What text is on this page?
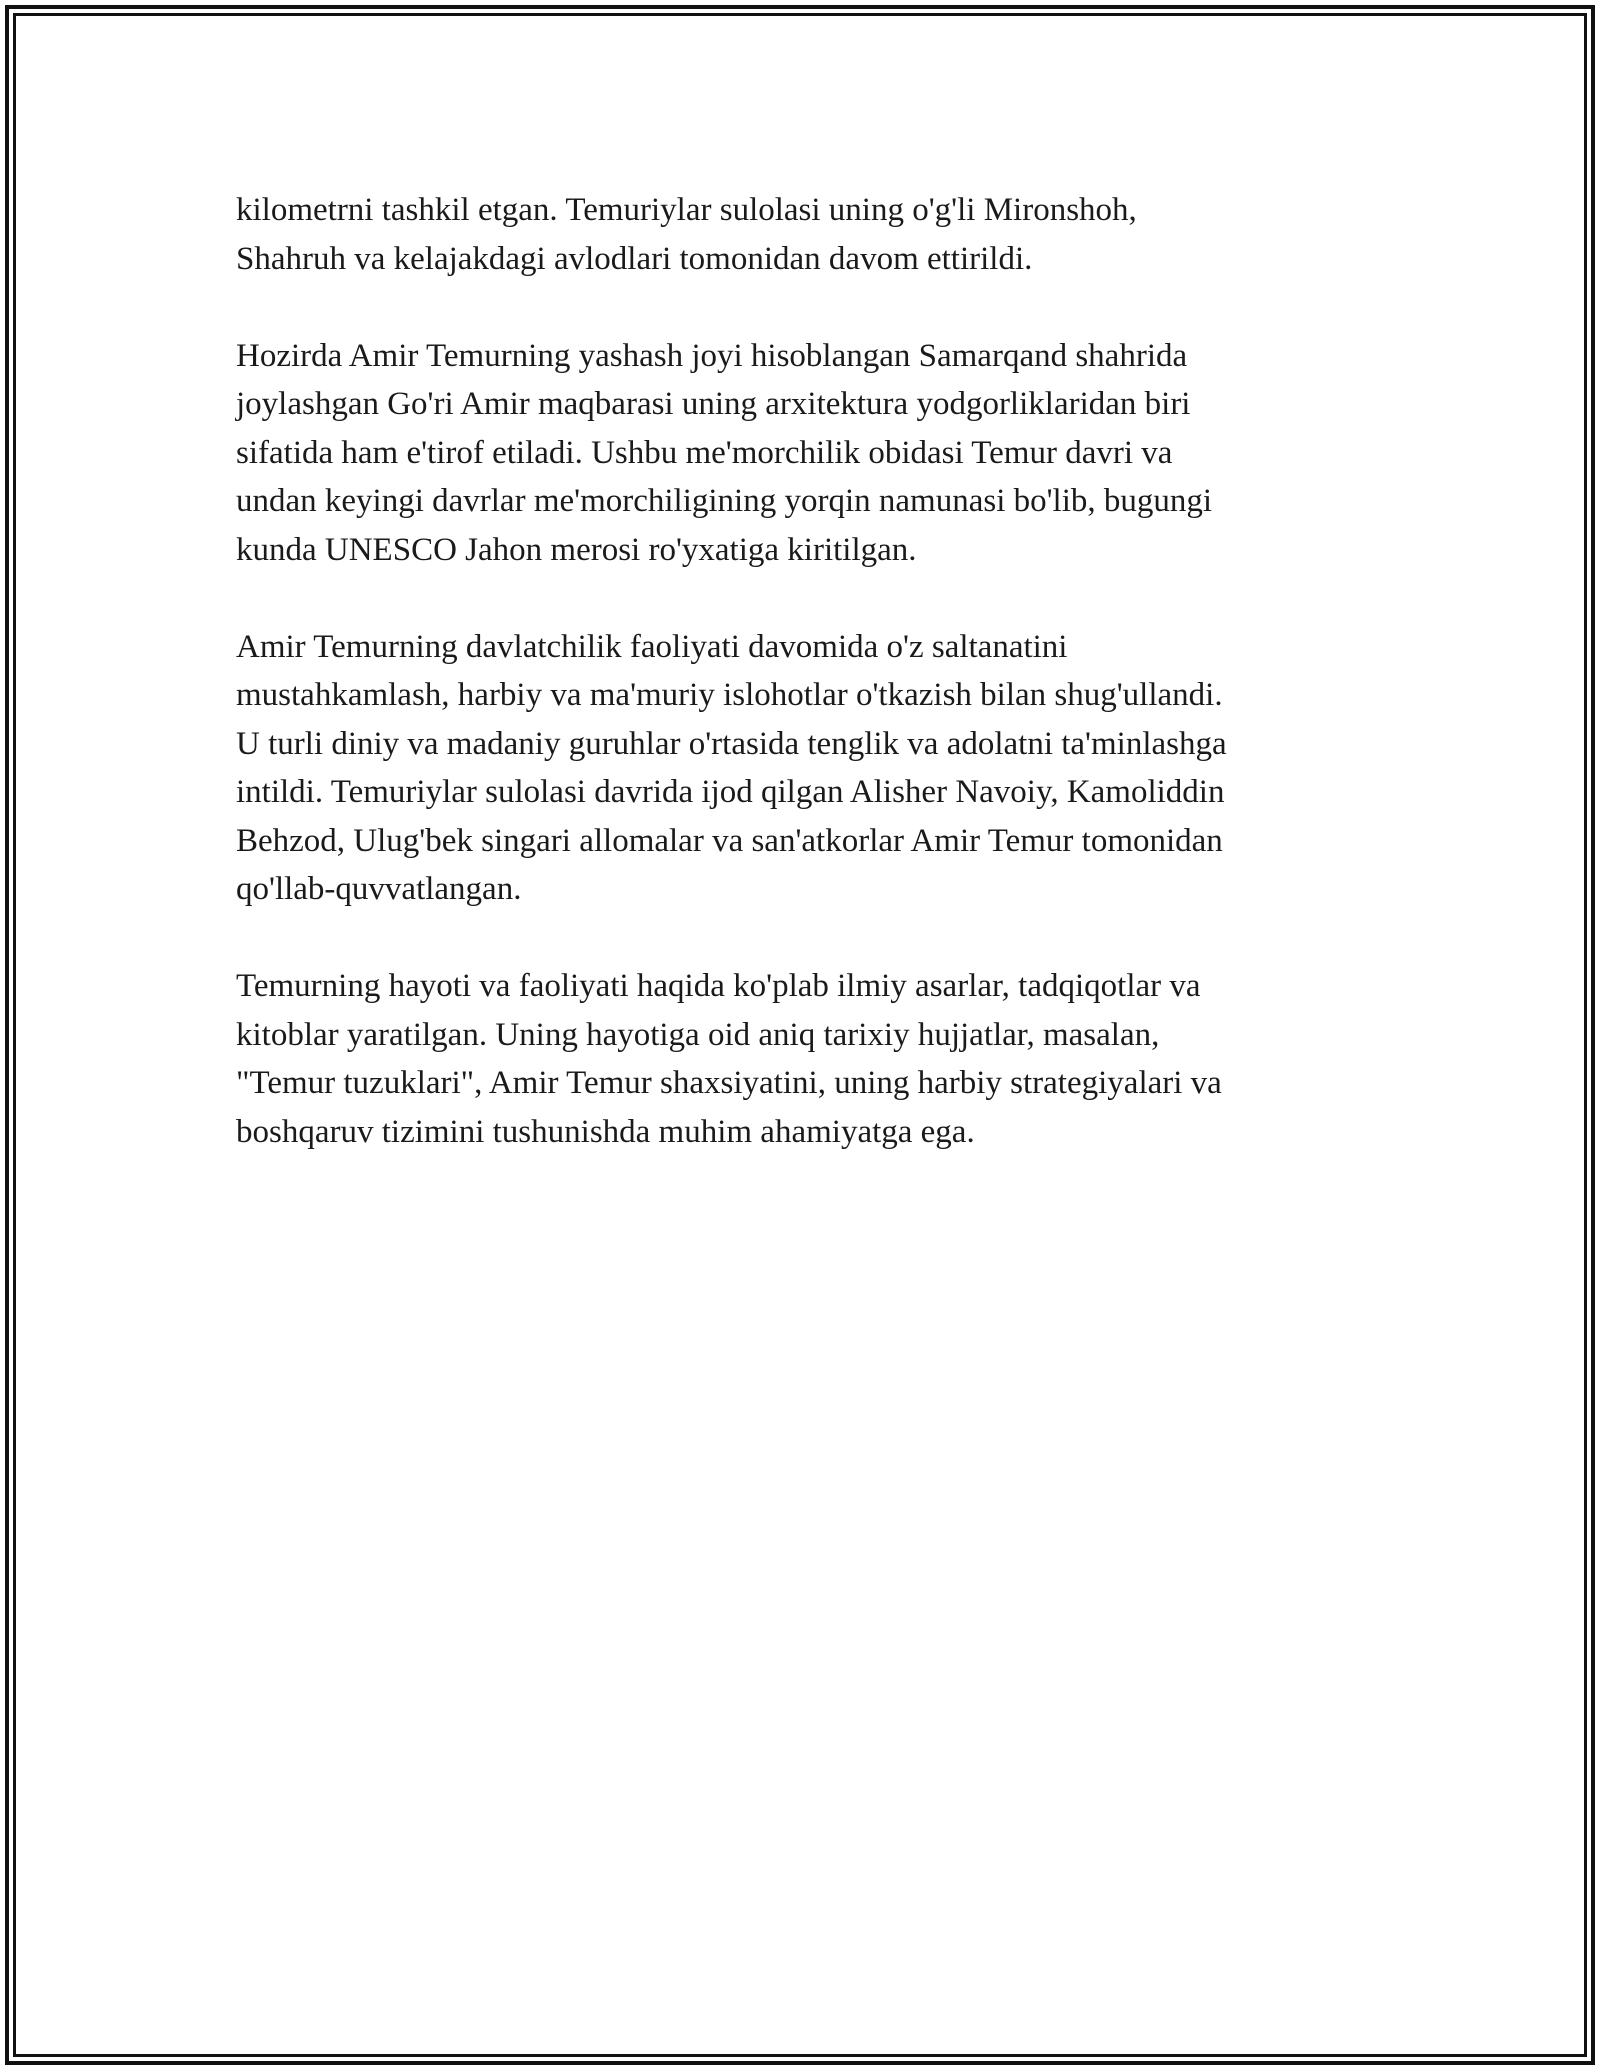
kilometrni tashkil etgan. Temuriylar sulolasi uning o'g'li Mironshoh,
Shahruh va kelajakdagi avlodlari tomonidan davom ettirildi.

Hozirda Amir Temurning yashash joyi hisoblangan Samarqand shahrida
joylashgan Go'ri Amir maqbarasi uning arxitektura yodgorliklaridan biri
sifatida ham e'tirof etiladi. Ushbu me'morchilik obidasi Temur davri va
undan keyingi davrlar me'morchiligining yorqin namunasi bo'lib, bugungi
kunda UNESCO Jahon merosi ro'yxatiga kiritilgan.

Amir Temurning davlatchilik faoliyati davomida o'z saltanatini
mustahkamlash, harbiy va ma'muriy islohotlar o'tkazish bilan shug'ullandi.
U turli diniy va madaniy guruhlar o'rtasida tenglik va adolatni ta'minlashga
intildi. Temuriylar sulolasi davrida ijod qilgan Alisher Navoiy, Kamoliddin
Behzod, Ulug'bek singari allomalar va san'atkorlar Amir Temur tomonidan
qo'llab-quvvatlangan.

Temurning hayoti va faoliyati haqida ko'plab ilmiy asarlar, tadqiqotlar va
kitoblar yaratilgan. Uning hayotiga oid aniq tarixiy hujjatlar, masalan,
"Temur tuzuklari", Amir Temur shaxsiyatini, uning harbiy strategiyalari va
boshqaruv tizimini tushunishda muhim ahamiyatga ega.
